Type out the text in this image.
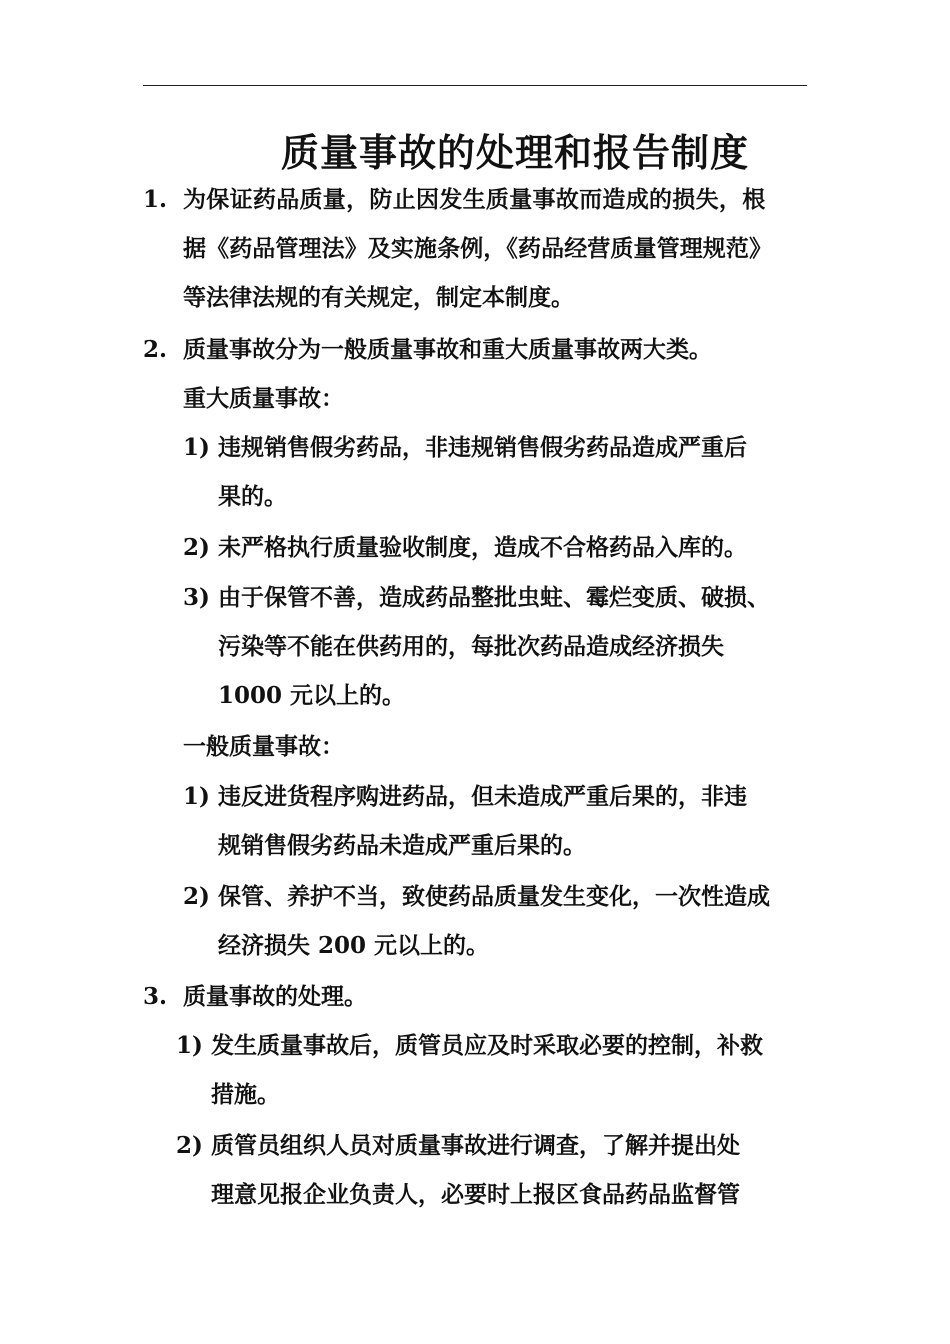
质量事故的处理和报告制度
1. 为保证药品质量，防止因发生质量事故而造成的损失，根
据《药品管理法》及实施条例，《药品经营质量管理规范》
等法律法规的有关规定，制定本制度。
2. 质量事故分为一般质量事故和重大质量事故两大类。
重大质量事故：
1) 违规销售假劣药品，非违规销售假劣药品造成严重后
果的。
2) 未严格执行质量验收制度，造成不合格药品入库的。
3) 由于保管不善，造成药品整批虫蛀、霉烂变质、破损、
污染等不能在供药用的，每批次药品造成经济损失
1000 元以上的。
一般质量事故：
1) 违反进货程序购进药品，但未造成严重后果的，非违
规销售假劣药品未造成严重后果的。
2) 保管、养护不当，致使药品质量发生变化，一次性造成
经济损失 200 元以上的。
3. 质量事故的处理。
1) 发生质量事故后，质管员应及时采取必要的控制，补救
措施。
2) 质管员组织人员对质量事故进行调查，了解并提出处
理意见报企业负责人，必要时上报区食品药品监督管
